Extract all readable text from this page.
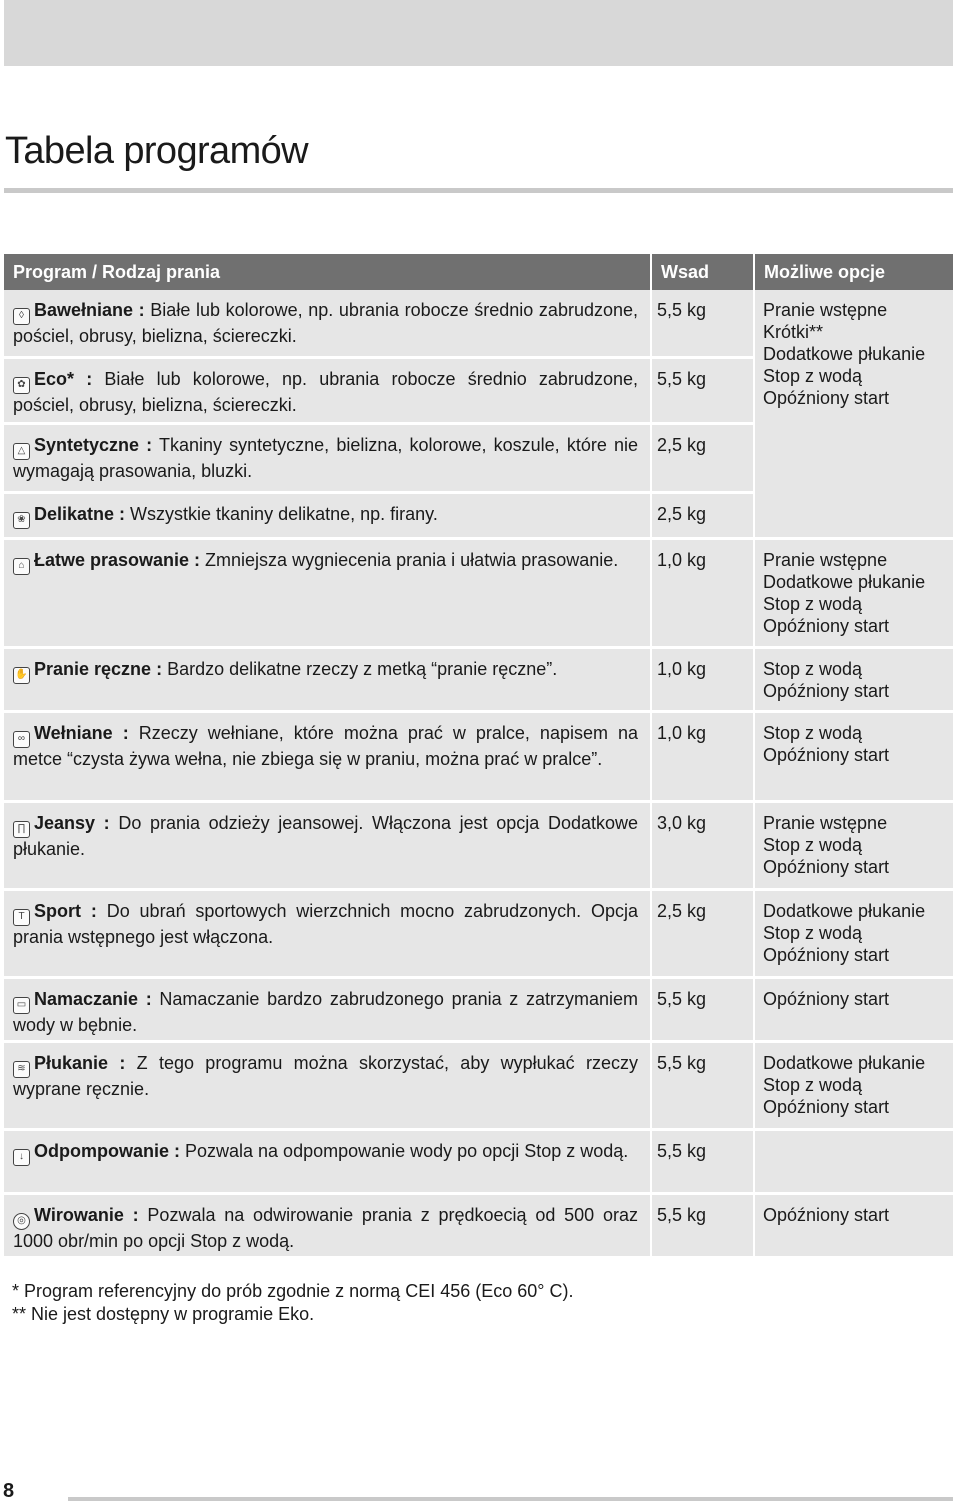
Tabela programów
Program / Rodzaj prania	Wsad	Możliwe opcje
◊ Bawełniane : Białe lub kolorowe, np. ubrania robocze średnio zabrudzone, pościel, obrusy, bielizna, ściereczki.	5,5 kg	Pranie wstępne
Krótki**
Dodatkowe płukanie
Stop z wodą
Opóźniony start

✿ Eco* : Białe lub kolorowe, np. ubrania robocze średnio zabrudzone, pościel, obrusy, bielizna, ściereczki.	5,5 kg	

△ Syntetyczne : Tkaniny syntetyczne, bielizna, kolorowe, koszule, które nie wymagają prasowania, bluzki.	2,5 kg	

❀ Delikatne : Wszystkie tkaniny delikatne, np. firany.	2,5 kg	

⌂ Łatwe prasowanie : Zmniejsza wygniecenia prania i ułatwia prasowanie.	1,0 kg	Pranie wstępne
Dodatkowe płukanie
Stop z wodą
Opóźniony start

✋ Pranie ręczne : Bardzo delikatne rzeczy z metką “pranie ręczne”.	1,0 kg	Stop z wodą
Opóźniony start

∞ Wełniane : Rzeczy wełniane, które można prać w pralce, napisem na metce “czysta żywa wełna, nie zbiega się w praniu, można prać w pralce”.	1,0 kg	Stop z wodą
Opóźniony start

∏ Jeansy : Do prania odzieży jeansowej. Włączona jest opcja Dodatkowe płukanie.	3,0 kg	Pranie wstępne
Stop z wodą
Opóźniony start

T Sport : Do ubrań sportowych wierzchnich mocno zabrudzonych. Opcja prania wstępnego jest włączona.	2,5 kg	Dodatkowe płukanie
Stop z wodą
Opóźniony start

▭ Namaczanie : Namaczanie bardzo zabrudzonego prania z zatrzymaniem wody w bębnie.	5,5 kg	Opóźniony start

≋ Płukanie : Z tego programu można skorzystać, aby wypłukać rzeczy wyprane ręcznie.	5,5 kg	Dodatkowe płukanie
Stop z wodą
Opóźniony start

↓ Odpompowanie : Pozwala na odpompowanie wody po opcji Stop z wodą.	5,5 kg	

◎ Wirowanie : Pozwala na odwirowanie prania z prędkoecią od 500 oraz 1000 obr/min po opcji Stop z wodą.	5,5 kg	Opóźniony start
* Program referencyjny do prób zgodnie z normą CEI 456 (Eco 60° C).
** Nie jest dostępny w programie Eko.
8
